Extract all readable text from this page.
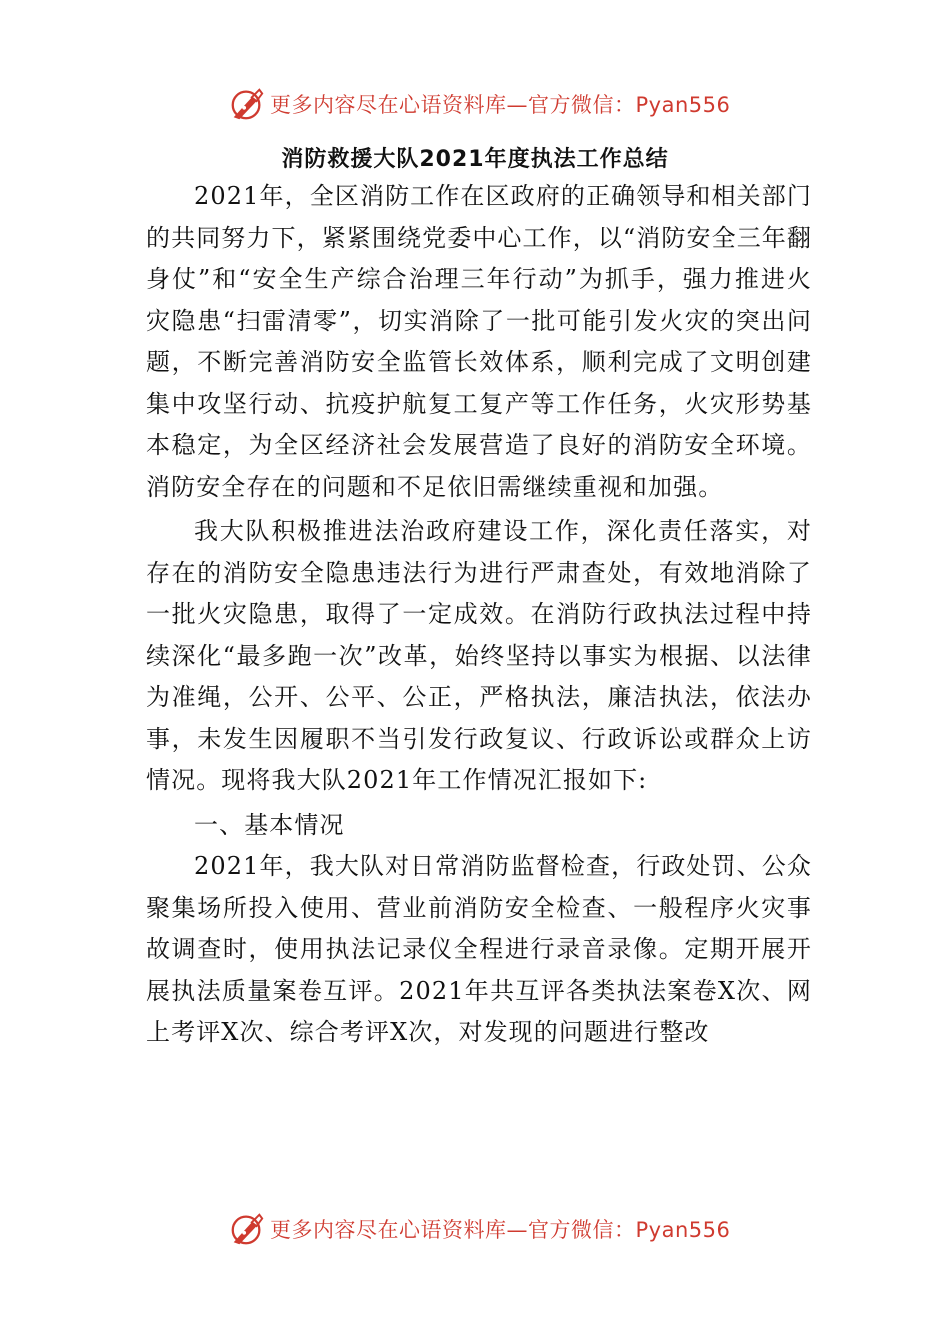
更多内容尽在心语资料库—官方微信：Pyan556
消防救援大队2021年度执法工作总结

2021年，全区消防工作在区政府的正确领导和相关部门的共同努力下，紧紧围绕党委中心工作，以“消防安全三年翻身仗”和“安全生产综合治理三年行动”为抓手，强力推进火灾隐患“扫雷清零”，切实消除了一批可能引发火灾的突出问题，不断完善消防安全监管长效体系，顺利完成了文明创建集中攻坚行动、抗疫护航复工复产等工作任务，火灾形势基本稳定，为全区经济社会发展营造了良好的消防安全环境。消防安全存在的问题和不足依旧需继续重视和加强。

我大队积极推进法治政府建设工作，深化责任落实，对存在的消防安全隐患违法行为进行严肃查处，有效地消除了一批火灾隐患，取得了一定成效。在消防行政执法过程中持续深化“最多跑一次”改革，始终坚持以事实为根据、以法律为准绳，公开、公平、公正，严格执法，廉洁执法，依法办事，未发生因履职不当引发行政复议、行政诉讼或群众上访情况。现将我大队2021年工作情况汇报如下:

一、基本情况

2021年，我大队对日常消防监督检查，行政处罚、公众聚集场所投入使用、营业前消防安全检查、一般程序火灾事故调查时，使用执法记录仪全程进行录音录像。定期开展开展执法质量案卷互评。2021年共互评各类执法案卷X次、网上考评X次、综合考评X次，对发现的问题进行整改

更多内容尽在心语资料库—官方微信：Pyan556
